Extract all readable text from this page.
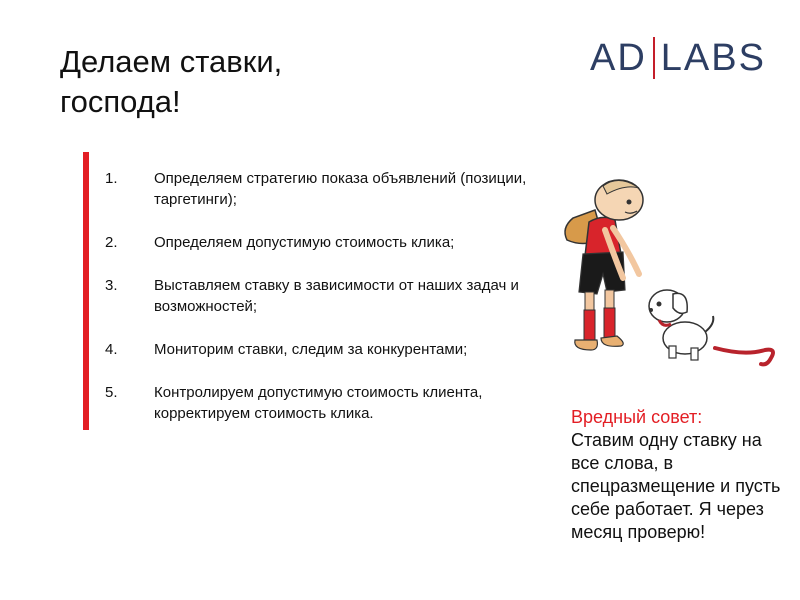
Делаем ставки,
господа!
AD LABS
1.	Определяем стратегию показа объявлений (позиции, таргетинги);
2.	Определяем допустимую стоимость клика;
3.	Выставляем ставку в зависимости от наших задач и возможностей;
4.	Мониторим ставки, следим за конкурентами;
5.	Контролируем допустимую стоимость клиента, корректируем стоимость клика.	Вредный совет:
Ставим одну ставку на все слова, в спецразмещение и пусть себе работает. Я через месяц проверю!
